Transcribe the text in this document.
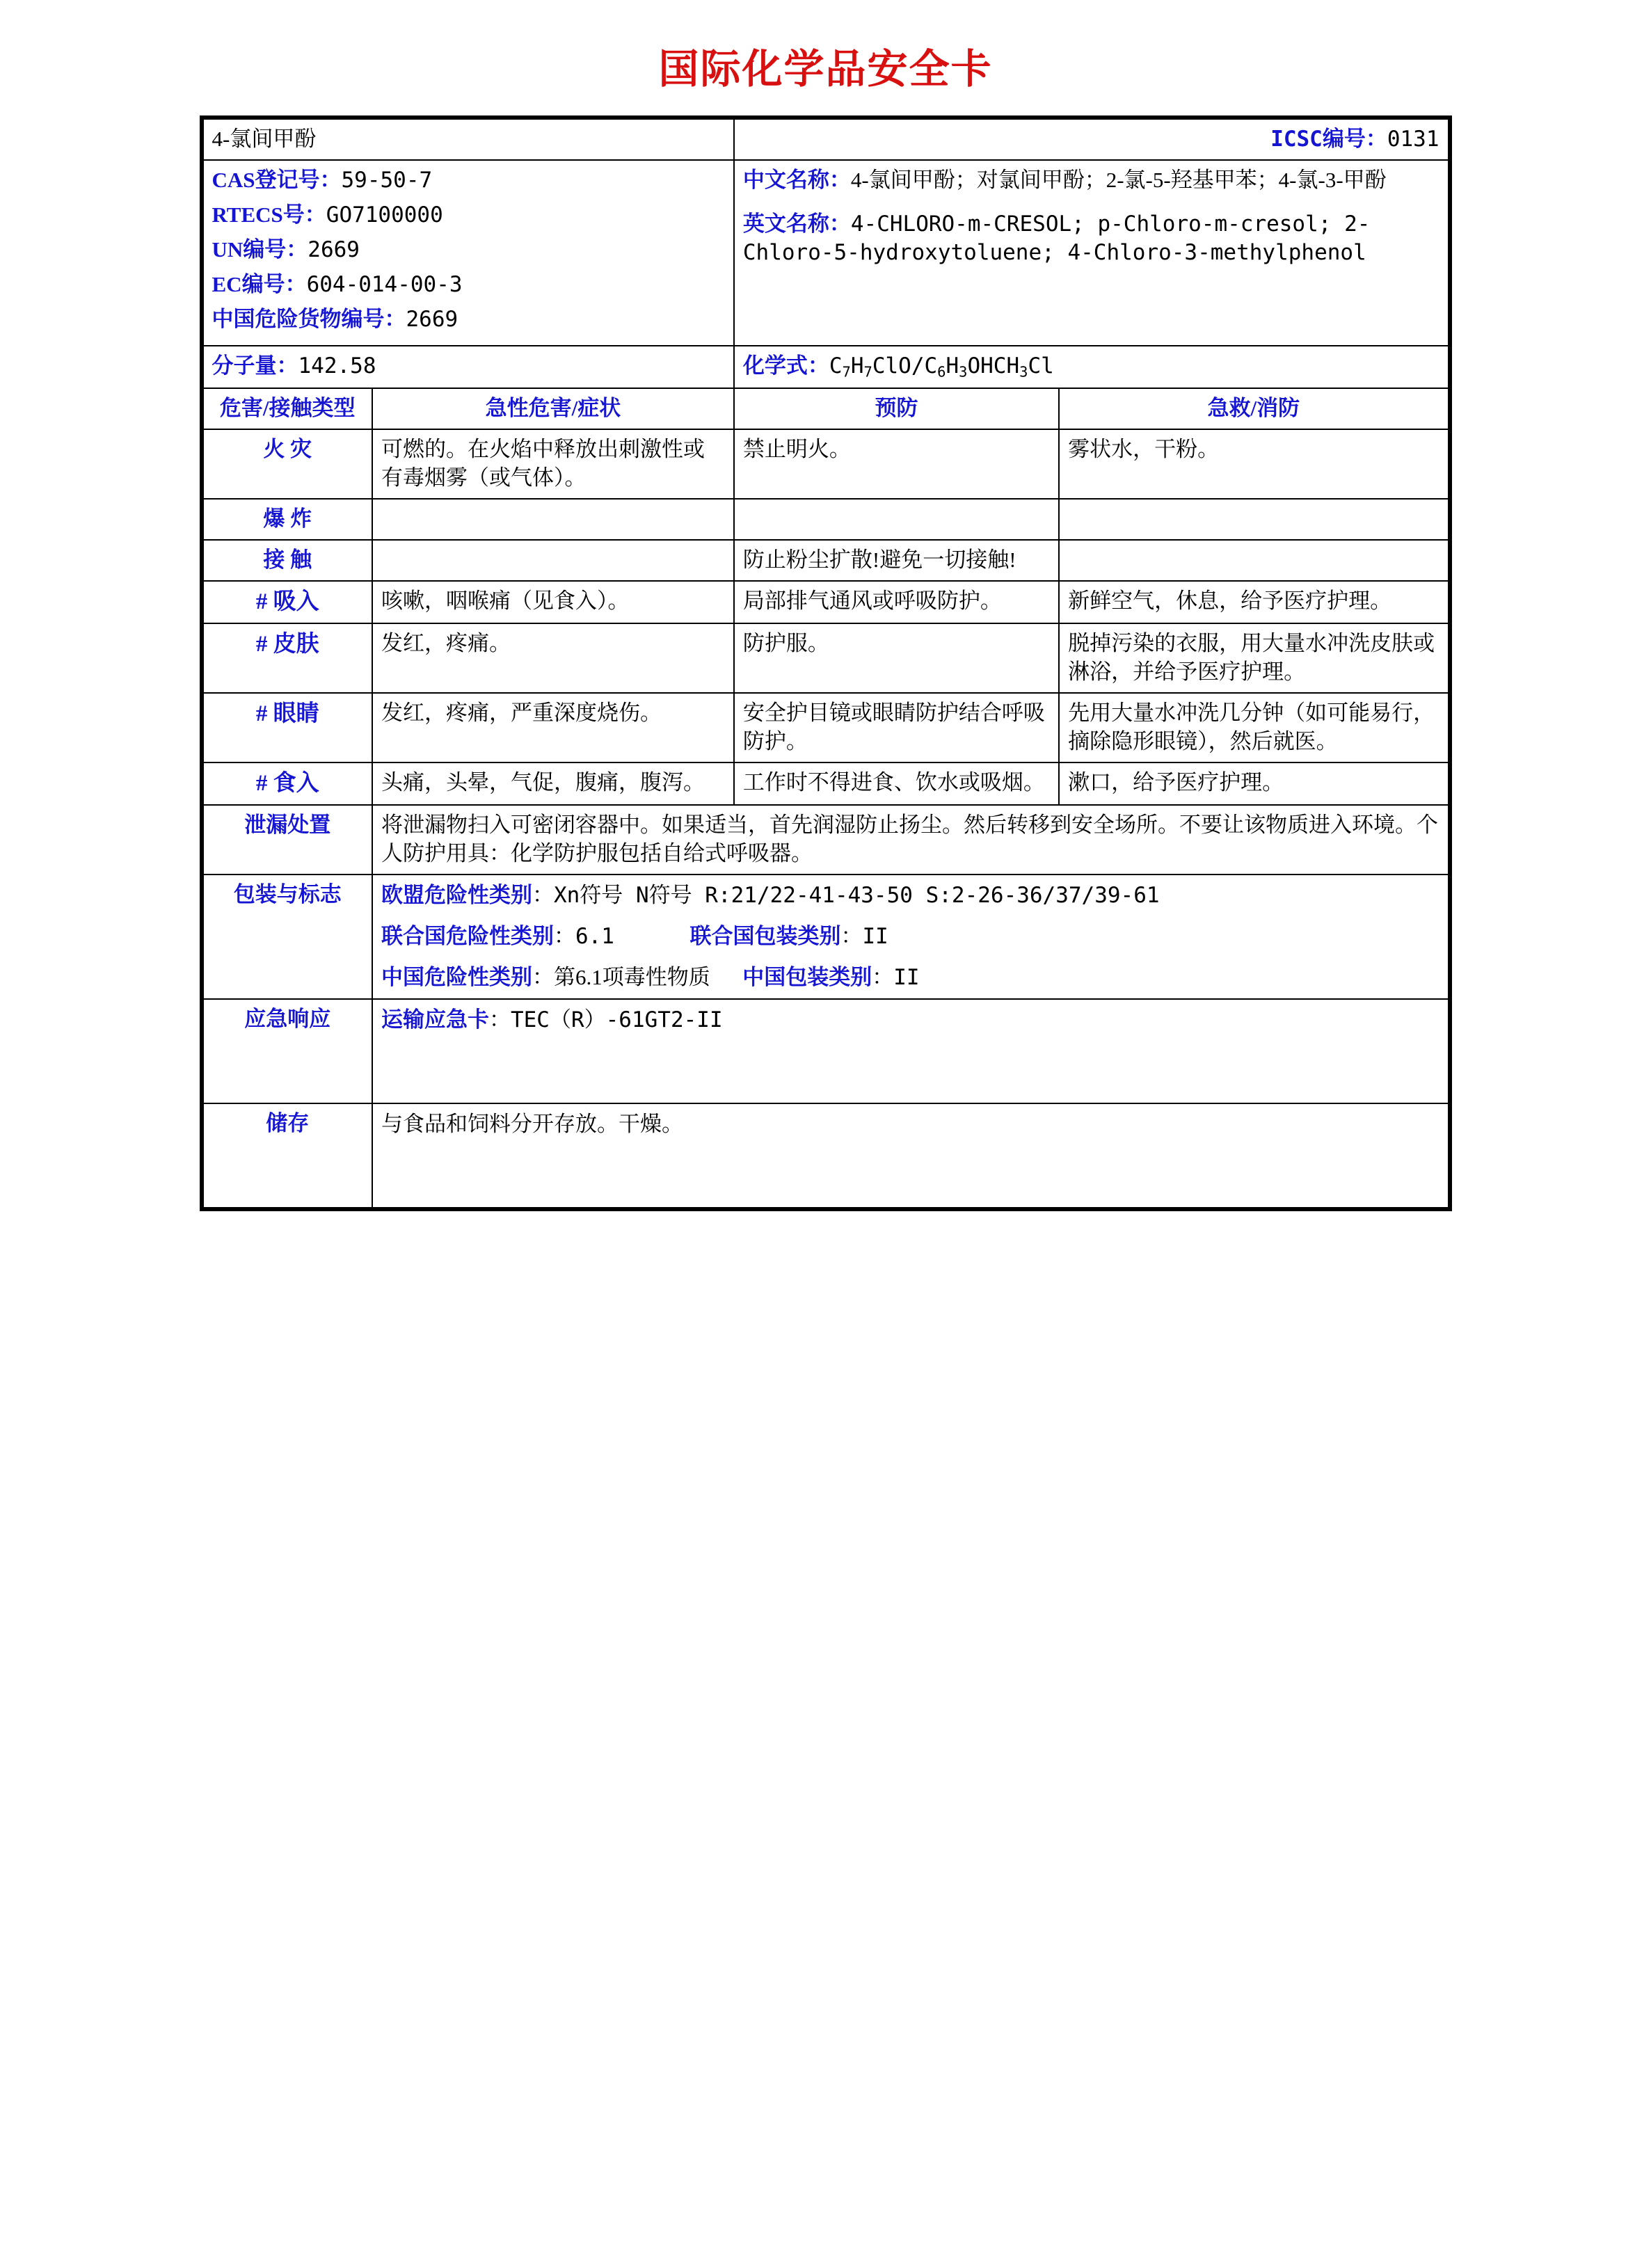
国际化学品安全卡
4-氯间甲酚		ICSC编号：0131	

CAS登记号：59-50-7
RTECS号：GO7100000
UN编号：2669
EC编号：604-014-00-3
中国危险货物编号：2669

中文名称：4-氯间甲酚；对氯间甲酚；2-氯-5-羟基甲苯；4-氯-3-甲酚
英文名称：4-CHLORO-m-CRESOL; p-Chloro-m-cresol; 2-Chloro-5-hydroxytoluene; 4-Chloro-3-methylphenol

分子量：142.58		化学式：$C_7H_7ClO/C_6H_3OHCH_3Cl$	
危害/接触类型	急性危害/症状	预防	急救/消防
火 灾	可燃的。在火焰中释放出刺激性或有毒烟雾（或气体）。	禁止明火。	雾状水，干粉。
爆 炸			
接 触		防止粉尘扩散!避免一切接触!	
# 吸入	咳嗽，咽喉痛（见食入）。	局部排气通风或呼吸防护。	新鲜空气，休息，给予医疗护理。
# 皮肤	发红，疼痛。	防护服。	脱掉污染的衣服，用大量水冲洗皮肤或淋浴，并给予医疗护理。
# 眼睛	发红，疼痛，严重深度烧伤。	安全护目镜或眼睛防护结合呼吸防护。	先用大量水冲洗几分钟（如可能易行，摘除隐形眼镜），然后就医。
# 食入	头痛，头晕，气促，腹痛，腹泻。	工作时不得进食、饮水或吸烟。	漱口，给予医疗护理。
泄漏处置	将泄漏物扫入可密闭容器中。如果适当，首先润湿防止扬尘。然后转移到安全场所。不要让该物质进入环境。个人防护用具：化学防护服包括自给式呼吸器。		
包装与标志	欧盟危险性类别：Xn符号 N符号 R:21/22-41-43-50 S:2-26-36/37/39-61
联合国危险性类别：6.1 联合国包装类别：II
中国危险性类别：第6.1项毒性物质 中国包装类别：II		

应急响应	运输应急卡：TEC（R）-61GT2-II		

储存	与食品和饲料分开存放。干燥。		
